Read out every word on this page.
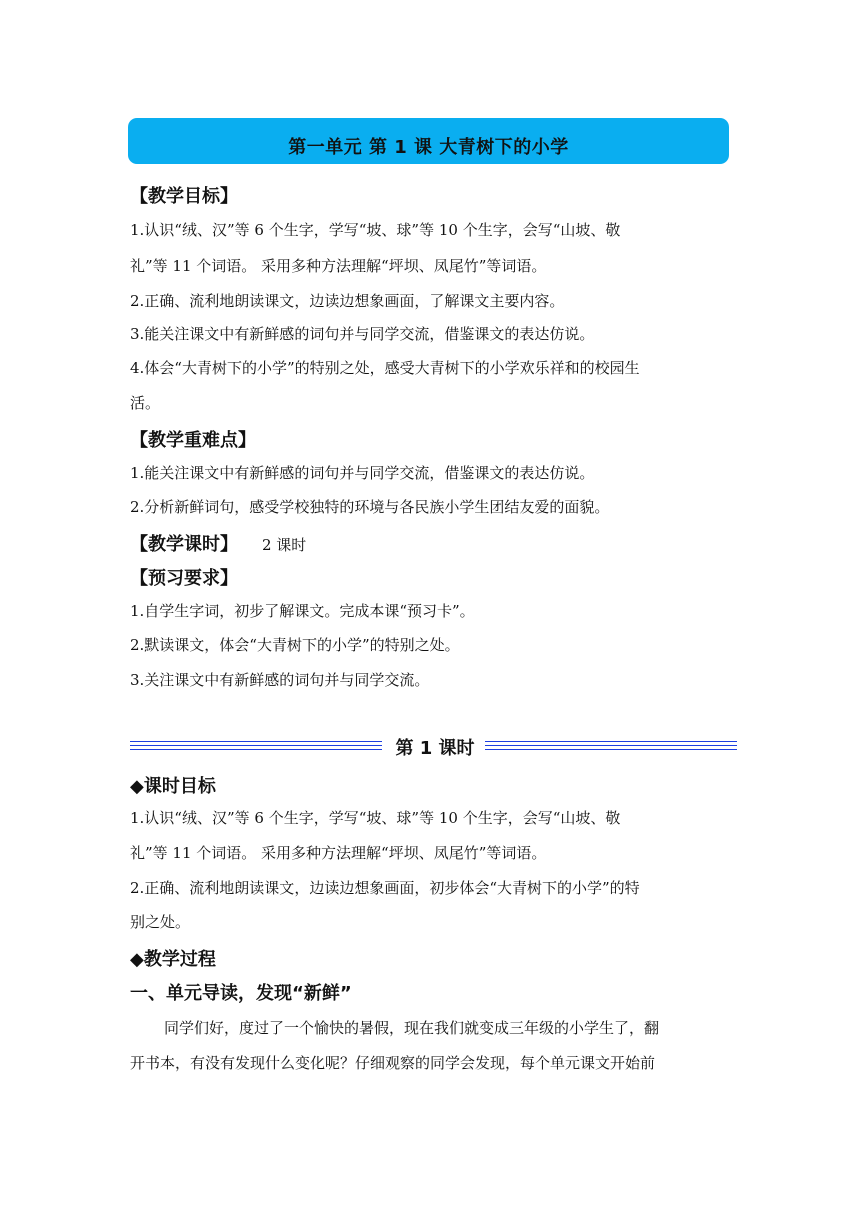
第一单元 第 1 课 大青树下的小学
【教学目标】
1.认识“绒、汉”等 6 个生字，学写“坡、球”等 10 个生字，会写“山坡、敬
礼”等 11 个词语。 采用多种方法理解“坪坝、凤尾竹”等词语。
2.正确、流利地朗读课文，边读边想象画面，了解课文主要内容。
3.能关注课文中有新鲜感的词句并与同学交流，借鉴课文的表达仿说。
4.体会“大青树下的小学”的特别之处，感受大青树下的小学欢乐祥和的校园生
活。
【教学重难点】
1.能关注课文中有新鲜感的词句并与同学交流，借鉴课文的表达仿说。
2.分析新鲜词句，感受学校独特的环境与各民族小学生团结友爱的面貌。
【教学课时】 2 课时
【预习要求】
1.自学生字词，初步了解课文。完成本课“预习卡”。
2.默读课文，体会“大青树下的小学”的特别之处。
3.关注课文中有新鲜感的词句并与同学交流。
第 1 课时
◆课时目标
1.认识“绒、汉”等 6 个生字，学写“坡、球”等 10 个生字，会写“山坡、敬
礼”等 11 个词语。 采用多种方法理解“坪坝、凤尾竹”等词语。
2.正确、流利地朗读课文，边读边想象画面，初步体会“大青树下的小学”的特
别之处。
◆教学过程
一、单元导读，发现“新鲜”
同学们好，度过了一个愉快的暑假，现在我们就变成三年级的小学生了，翻
开书本，有没有发现什么变化呢？仔细观察的同学会发现，每个单元课文开始前
